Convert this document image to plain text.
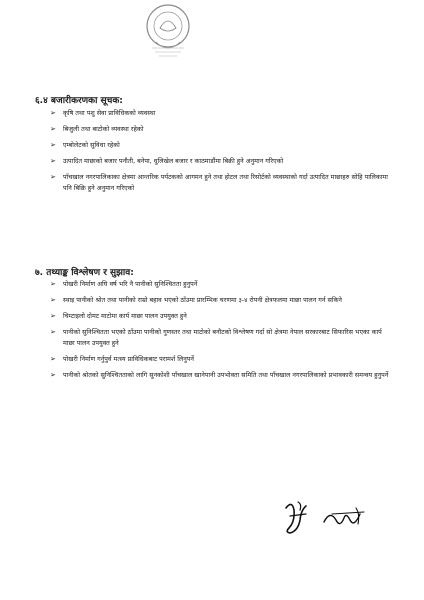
६.४ बजारीकरणका सूचक:
➢ कृषि तथा पशु सेवा प्राविधिकको व्यवस्था
➢ बिजुली तथा बाटोको व्यवस्था रहेको
➢ एम्बोलेटको सुविधा रहेको
➢ उत्पादित माछाको बजार पनौती, बनेपा, धुलिखेल बजार र काठमाडौंमा बिक्री हुने अनुमान गरिएको
➢ पाँचखाल नगरपालिकाका क्षेत्रमा आन्तरिक पर्यटकको आगमन हुने तथा होटल तथा रिसोर्टको व्यवस्थाको गर्दा उत्पादित माछाहरु सोहि पालिकामा पनि बिक्रि हुने अनुमान गरिएको
७. तथ्याङ्क विश्लेषण र सुझाव:
➢ पोखरी निर्माण अघि वर्ष भरि नै पानीको सुनिश्चितता हुनुपर्ने
➢ स्थाइ पानीको श्रोत तथा पानीको राम्रो बहाव भएको ठाँउमा प्रारम्भिक चरणमा ३-४ रोपनी क्षेत्रफलमा माछा पालन गर्न सकिने
➢ चिम्टाइलो दोमट माटोमा कार्प माछा पालन उपयुक्त हुने
➢ पानीको सुनिश्चितता भएको ठाँउमा पानीको गुणस्तर तथा माटोको बनौटको विश्लेषण गर्दा सो क्षेत्रमा नेपाल सरकारबाट सिफारिस भएका कार्प माछा पालन उपयुक्त हुने
➢ पोखरी निर्माण गर्नुपुर्व मत्स्य प्राविधिकबाट परामर्श लिनुपर्ने
➢ पानीको श्रोतको सुनिश्चितताको लागि सुनकोशी पाँचखाल खानेपानी उपभोक्ता समिति तथा पाँचखाल नगरपालिकाको प्रभावकारी समन्वय हुनुपर्ने
